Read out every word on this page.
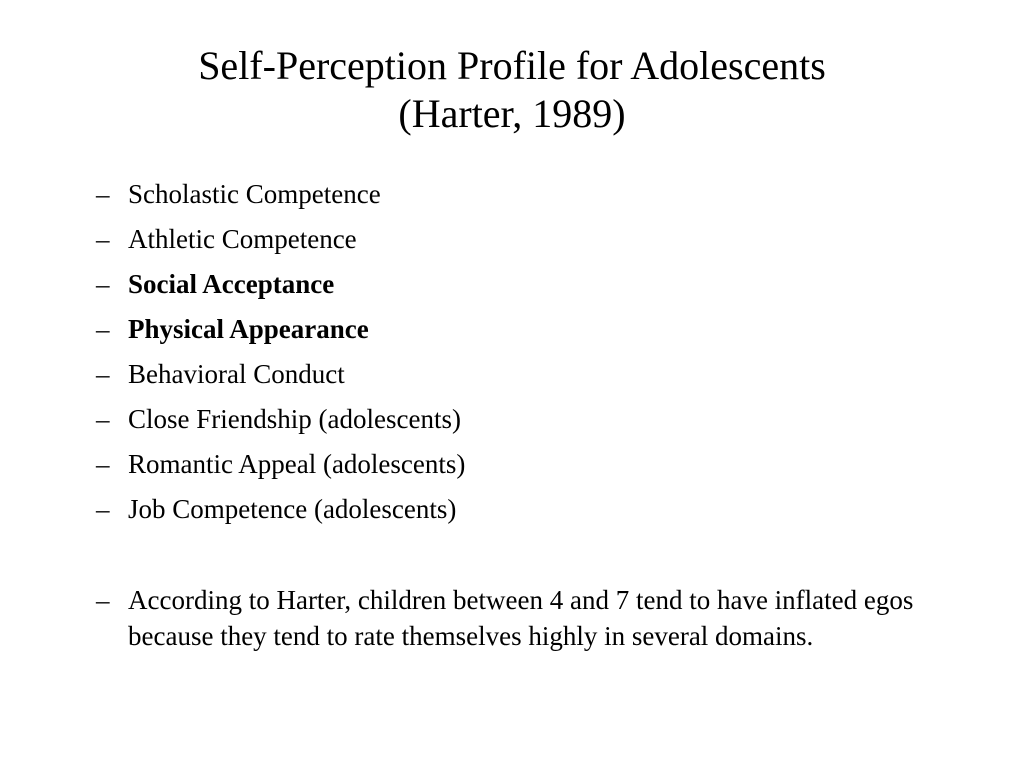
Self-Perception Profile for Adolescents
(Harter, 1989)
– Scholastic Competence
– Athletic Competence
– Social Acceptance
– Physical Appearance
– Behavioral Conduct
– Close Friendship (adolescents)
– Romantic Appeal (adolescents)
– Job Competence (adolescents)
– According to Harter, children between 4 and 7 tend to have inflated egos because they tend to rate themselves highly in several domains.
